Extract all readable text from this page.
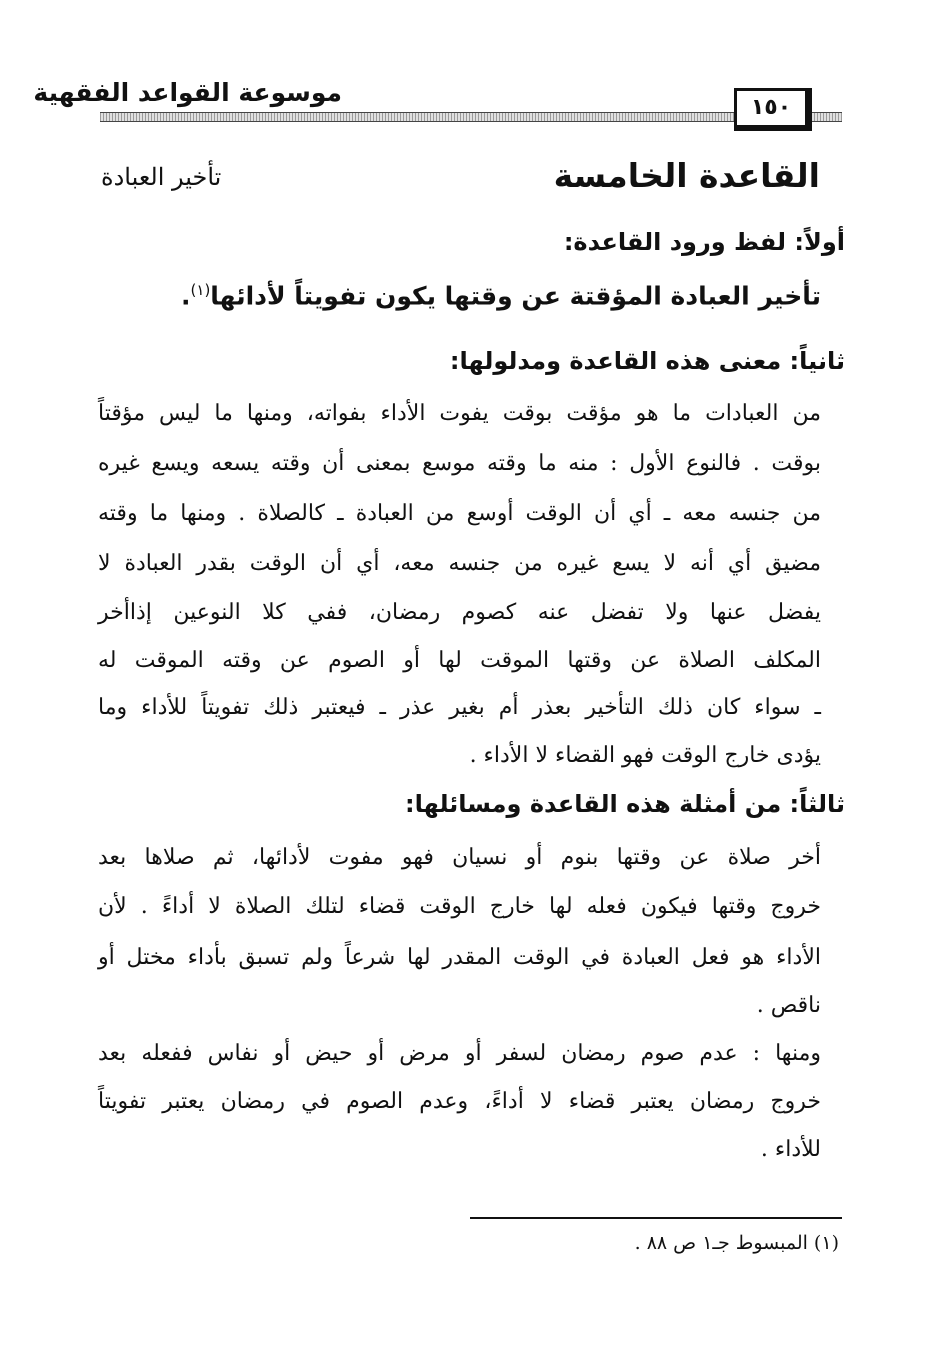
موسوعة القواعد الفقهية
١٥٠
القاعدة الخامسة
تأخير العبادة
أولاً: لفظ ورود القاعدة:
تأخير العبادة المؤقتة عن وقتها يكون تفويتاً لأدائها$^{(١)}$.
ثانياً: معنى هذه القاعدة ومدلولها:
من العبادات ما هو مؤقت بوقت يفوت الأداء بفواته، ومنها ما ليس مؤقتاً
بوقت . فالنوع الأول : منه ما وقته موسع بمعنى أن وقته يسعه ويسع غيره
من جنسه معه ـ أي أن الوقت أوسع من العبادة ـ كالصلاة . ومنها ما وقته
مضيق أي أنه لا يسع غيره من جنسه معه، أي أن الوقت بقدر العبادة لا
يفضل عنها ولا تفضل عنه كصوم رمضان، ففي كلا النوعين إذاأخر
المكلف الصلاة عن وقتها الموقت لها أو الصوم عن وقته الموقت له
ـ سواء كان ذلك التأخير بعذر أم بغير عذر ـ فيعتبر ذلك تفويتاً للأداء وما
يؤدى خارج الوقت فهو القضاء لا الأداء .
ثالثاً: من أمثلة هذه القاعدة ومسائلها:
أخر صلاة عن وقتها بنوم أو نسيان فهو مفوت لأدائها، ثم صلاها بعد
خروج وقتها فيكون فعله لها خارج الوقت قضاء لتلك الصلاة لا أداءً . لأن
الأداء هو فعل العبادة في الوقت المقدر لها شرعاً ولم تسبق بأداء مختل أو
ناقص .
ومنها : عدم صوم رمضان لسفر أو مرض أو حيض أو نفاس ففعله بعد
خروج رمضان يعتبر قضاء لا أداءً، وعدم الصوم في رمضان يعتبر تفويتاً
للأداء .
(١) المبسوط جـ١ ص ٨٨ .
